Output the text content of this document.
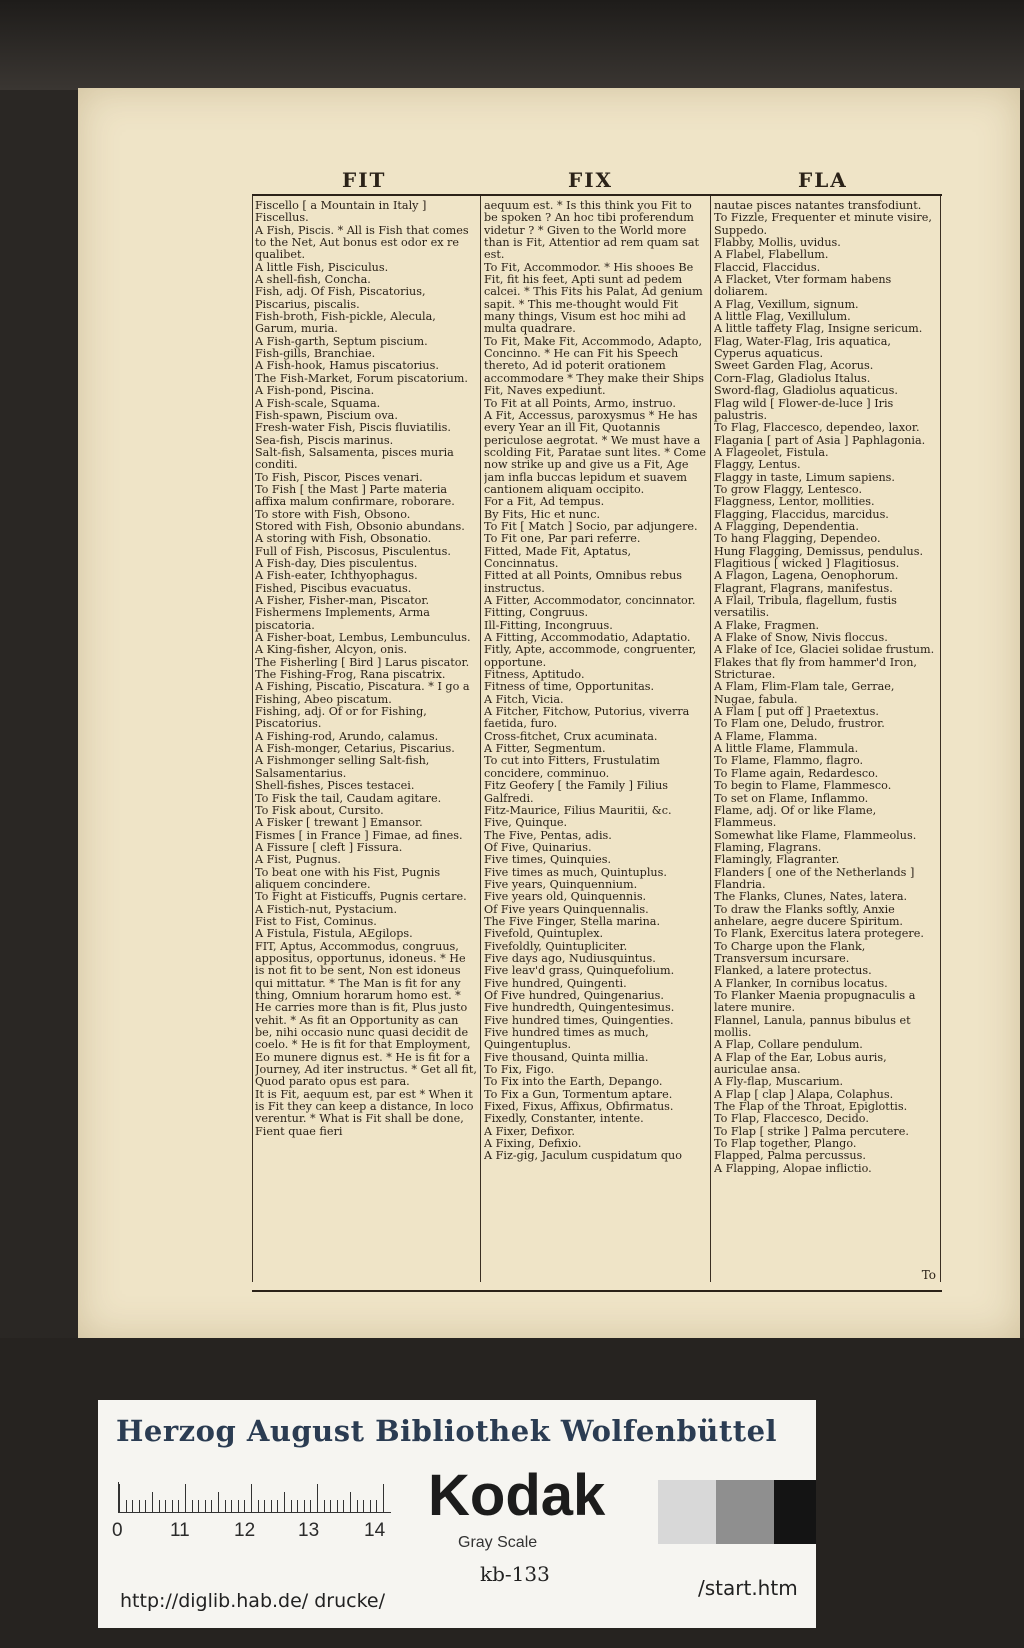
FIT	FIX	FLA

Fiscello [ a Mountain in Italy ] Fiscellus.

A Fish, Piscis. * All is Fish that comes to the Net, Aut bonus est odor ex re qualibet.

A little Fish, Pisciculus.

A shell-fish, Concha.

Fish, adj. Of Fish, Piscatorius, Piscarius, piscalis.

Fish-broth, Fish-pickle, Alecula, Garum, muria.

A Fish-garth, Septum piscium.

Fish-gills, Branchiae.

A Fish-hook, Hamus piscatorius.

The Fish-Market, Forum piscatorium.

A Fish-pond, Piscina.

A Fish-scale, Squama.

Fish-spawn, Piscium ova.

Fresh-water Fish, Piscis fluviatilis.

Sea-fish, Piscis marinus.

Salt-fish, Salsamenta, pisces muria conditi.

To Fish, Piscor, Pisces venari.

To Fish [ the Mast ] Parte materia affixa malum confirmare, roborare.

To store with Fish, Obsono.

Stored with Fish, Obsonio abundans.

A storing with Fish, Obsonatio.

Full of Fish, Piscosus, Pisculentus.

A Fish-day, Dies pisculentus.

A Fish-eater, Ichthyophagus.

Fished, Piscibus evacuatus.

A Fisher, Fisher-man, Piscator.

Fishermens Implements, Arma piscatoria.

A Fisher-boat, Lembus, Lembunculus.

A King-fisher, Alcyon, onis.

The Fisherling [ Bird ] Larus piscator.

The Fishing-Frog, Rana piscatrix.

A Fishing, Piscatio, Piscatura. * I go a Fishing, Abeo piscatum.

Fishing, adj. Of or for Fishing, Piscatorius.

A Fishing-rod, Arundo, calamus.

A Fish-monger, Cetarius, Piscarius.

A Fishmonger selling Salt-fish, Salsamentarius.

Shell-fishes, Pisces testacei.

To Fisk the tail, Caudam agitare.

To Fisk about, Cursito.

A Fisker [ trewant ] Emansor.

Fismes [ in France ] Fimae, ad fines.

A Fissure [ cleft ] Fissura.

A Fist, Pugnus.

To beat one with his Fist, Pugnis aliquem concindere.

To Fight at Fisticuffs, Pugnis certare.

A Fistich-nut, Pystacium.

Fist to Fist, Cominus.

A Fistula, Fistula, AEgilops.

FIT, Aptus, Accommodus, congruus, appositus, opportunus, idoneus. * He is not fit to be sent, Non est idoneus qui mittatur. * The Man is fit for any thing, Omnium horarum homo est. * He carries more than is fit, Plus justo vehit. * As fit an Opportunity as can be, nihi occasio nunc quasi decidit de coelo. * He is fit for that Employment, Eo munere dignus est. * He is fit for a Journey, Ad iter instructus. * Get all fit, Quod parato opus est para.

It is Fit, aequum est, par est * When it is Fit they can keep a distance, In loco verentur. * What is Fit shall be done, Fient quae fieri

aequum est. * Is this think you Fit to be spoken ? An hoc tibi proferendum videtur ? * Given to the World more than is Fit, Attentior ad rem quam sat est.

To Fit, Accommodor. * His shooes Be Fit, fit his feet, Apti sunt ad pedem calcei. * This Fits his Palat, Ad genium sapit. * This me-thought would Fit many things, Visum est hoc mihi ad multa quadrare.

To Fit, Make Fit, Accommodo, Adapto, Concinno. * He can Fit his Speech thereto, Ad id poterit orationem accommodare * They make their Ships Fit, Naves expediunt.

To Fit at all Points, Armo, instruo.

A Fit, Accessus, paroxysmus * He has every Year an ill Fit, Quotannis periculose aegrotat. * We must have a scolding Fit, Paratae sunt lites. * Come now strike up and give us a Fit, Age jam infla buccas lepidum et suavem cantionem aliquam occipito.

For a Fit, Ad tempus.

By Fits, Hic et nunc.

To Fit [ Match ] Socio, par adjungere.

To Fit one, Par pari referre.

Fitted, Made Fit, Aptatus, Concinnatus.

Fitted at all Points, Omnibus rebus instructus.

A Fitter, Accommodator, concinnator.

Fitting, Congruus.

Ill-Fitting, Incongruus.

A Fitting, Accommodatio, Adaptatio.

Fitly, Apte, accommode, congruenter, opportune.

Fitness, Aptitudo.

Fitness of time, Opportunitas.

A Fitch, Vicia.

A Fitcher, Fitchow, Putorius, viverra faetida, furo.

Cross-fitchet, Crux acuminata.

A Fitter, Segmentum.

To cut into Fitters, Frustulatim concidere, comminuo.

Fitz Geofery [ the Family ] Filius Galfredi.

Fitz-Maurice, Filius Mauritii, &c.

Five, Quinque.

The Five, Pentas, adis.

Of Five, Quinarius.

Five times, Quinquies.

Five times as much, Quintuplus.

Five years, Quinquennium.

Five years old, Quinquennis.

Of Five years Quinquennalis.

The Five Finger, Stella marina.

Fivefold, Quintuplex.

Fivefoldly, Quintupliciter.

Five days ago, Nudiusquintus.

Five leav'd grass, Quinquefolium.

Five hundred, Quingenti.

Of Five hundred, Quingenarius.

Five hundredth, Quingentesimus.

Five hundred times, Quingenties.

Five hundred times as much, Quingentuplus.

Five thousand, Quinta millia.

To Fix, Figo.

To Fix into the Earth, Depango.

To Fix a Gun, Tormentum aptare.

Fixed, Fixus, Affixus, Obfirmatus.

Fixedly, Constanter, intente.

A Fixer, Defixor.

A Fixing, Defixio.

A Fiz-gig, Jaculum cuspidatum quo

nautae pisces natantes transfodiunt.

To Fizzle, Frequenter et minute visire, Suppedo.

Flabby, Mollis, uvidus.

A Flabel, Flabellum.

Flaccid, Flaccidus.

A Flacket, Vter formam habens doliarem.

A Flag, Vexillum, signum.

A little Flag, Vexillulum.

A little taffety Flag, Insigne sericum.

Flag, Water-Flag, Iris aquatica, Cyperus aquaticus.

Sweet Garden Flag, Acorus.

Corn-Flag, Gladiolus Italus.

Sword-flag, Gladiolus aquaticus.

Flag wild [ Flower-de-luce ] Iris palustris.

To Flag, Flaccesco, dependeo, laxor.

Flagania [ part of Asia ] Paphlagonia.

A Flageolet, Fistula.

Flaggy, Lentus.

Flaggy in taste, Limum sapiens.

To grow Flaggy, Lentesco.

Flaggness, Lentor, mollities.

Flagging, Flaccidus, marcidus.

A Flagging, Dependentia.

To hang Flagging, Dependeo.

Hung Flagging, Demissus, pendulus.

Flagitious [ wicked ] Flagitiosus.

A Flagon, Lagena, Oenophorum.

Flagrant, Flagrans, manifestus.

A Flail, Tribula, flagellum, fustis versatilis.

A Flake, Fragmen.

A Flake of Snow, Nivis floccus.

A Flake of Ice, Glaciei solidae frustum.

Flakes that fly from hammer'd Iron, Stricturae.

A Flam, Flim-Flam tale, Gerrae, Nugae, fabula.

A Flam [ put off ] Praetextus.

To Flam one, Deludo, frustror.

A Flame, Flamma.

A little Flame, Flammula.

To Flame, Flammo, flagro.

To Flame again, Redardesco.

To begin to Flame, Flammesco.

To set on Flame, Inflammo.

Flame, adj. Of or like Flame, Flammeus.

Somewhat like Flame, Flammeolus.

Flaming, Flagrans.

Flamingly, Flagranter.

Flanders [ one of the Netherlands ] Flandria.

The Flanks, Clunes, Nates, latera.

To draw the Flanks softly, Anxie anhelare, aegre ducere Spiritum.

To Flank, Exercitus latera protegere.

To Charge upon the Flank, Transversum incursare.

Flanked, a latere protectus.

A Flanker, In cornibus locatus.

To Flanker Maenia propugnaculis a latere munire.

Flannel, Lanula, pannus bibulus et mollis.

A Flap, Collare pendulum.

A Flap of the Ear, Lobus auris, auriculae ansa.

A Fly-flap, Muscarium.

A Flap [ clap ] Alapa, Colaphus.

The Flap of the Throat, Epiglottis.

To Flap, Flaccesco, Decido.

To Flap [ strike ] Palma percutere.

To Flap together, Plango.

Flapped, Palma percussus.

A Flapping, Alopae inflictio.

To
Herzog August Bibliothek Wolfenbüttel
0 11 12 13 14
Kodak
Gray Scale
http://diglib.hab.de/ drucke/
kb-133
/start.htm
